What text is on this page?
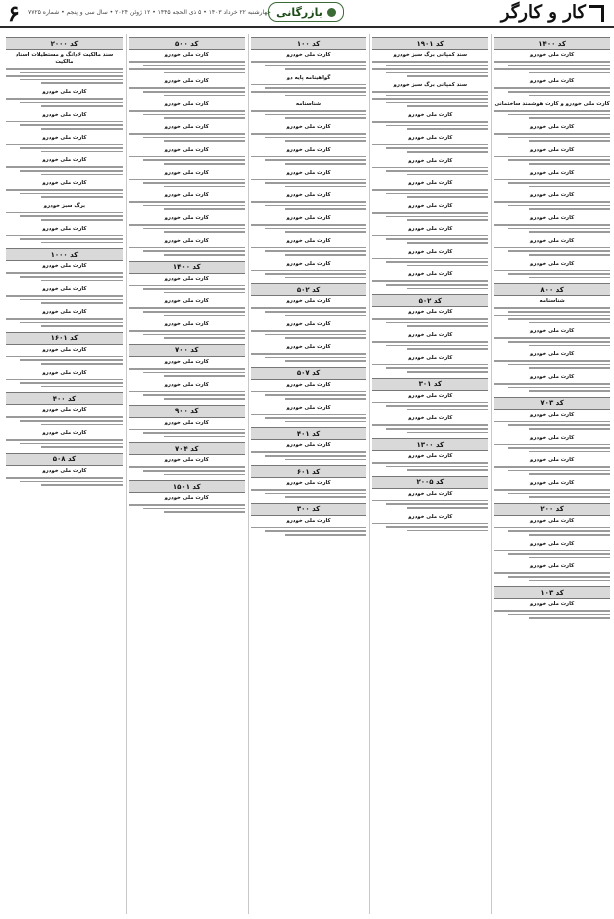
۶ چهارشنبه ۲۲ خرداد ۱۴۰۳ • ۵ ذی الحجه ۱۴۴۵ • ۱۲ ژوئن ۲۰۲۴ • سال سی و پنجم • شماره ۷۷۲۵ بازرگانی	کار و کارگر
کد ۱۴۰۰
کارت ملی خودرو
کارت ملی خودرو
کارت ملی خودرو و کارت هوشمند ساختمانی
کارت ملی خودرو
کارت ملی خودرو
کارت ملی خودرو
کارت ملی خودرو
کارت ملی خودرو
کارت ملی خودرو
کارت ملی خودرو
کد ۸۰۰
شناسنامه
کارت ملی خودرو
کارت ملی خودرو
کارت ملی خودرو
کد ۷۰۳
کارت ملی خودرو
کارت ملی خودرو
کارت ملی خودرو
کارت ملی خودرو
کد ۲۰۰
کارت ملی خودرو
کارت ملی خودرو
کارت ملی خودرو
کد ۱۰۳
کارت ملی خودرو
کد ۱۹۰۱
سند کمپانی برگ سبز خودرو
سند کمپانی برگ سبز خودرو
کارت ملی خودرو
کارت ملی خودرو
کارت ملی خودرو
کارت ملی خودرو
کارت ملی خودرو
کارت ملی خودرو
کارت ملی خودرو
کارت ملی خودرو
کد ۵۰۲
کارت ملی خودرو
کارت ملی خودرو
کارت ملی خودرو
کد ۳۰۱
کارت ملی خودرو
کارت ملی خودرو
کد ۱۳۰۰
کارت ملی خودرو
کد ۲۰۰۵
کارت ملی خودرو
کارت ملی خودرو
کد ۱۰۰
کارت ملی خودرو
گواهینامه پایه دو
شناسنامه
کارت ملی خودرو
کارت ملی خودرو
کارت ملی خودرو
کارت ملی خودرو
کارت ملی خودرو
کارت ملی خودرو
کارت ملی خودرو
کد ۵۰۲
کارت ملی خودرو
کارت ملی خودرو
کارت ملی خودرو
کد ۵۰۷
کارت ملی خودرو
کارت ملی خودرو
کد ۴۰۱
کارت ملی خودرو
کد ۶۰۱
کارت ملی خودرو
کد ۳۰۰
کارت ملی خودرو
کد ۵۰۰
کارت ملی خودرو
کارت ملی خودرو
کارت ملی خودرو
کارت ملی خودرو
کارت ملی خودرو
کارت ملی خودرو
کارت ملی خودرو
کارت ملی خودرو
کارت ملی خودرو
کد ۱۴۰۰
کارت ملی خودرو
کارت ملی خودرو
کارت ملی خودرو
کد ۷۰۰
کارت ملی خودرو
کارت ملی خودرو
کد ۹۰۰
کارت ملی خودرو
کد ۷۰۴
کارت ملی خودرو
کد ۱۵۰۱
کارت ملی خودرو
کد ۲۰۰۰
سند مالکیت ۶دانگ و مستطیلات اسناد مالکیت
کارت ملی خودرو
کارت ملی خودرو
کارت ملی خودرو
کارت ملی خودرو
کارت ملی خودرو
برگ سبز خودرو
کارت ملی خودرو
کد ۱۰۰۰
کارت ملی خودرو
کارت ملی خودرو
کارت ملی خودرو
کد ۱۶۰۱
کارت ملی خودرو
کارت ملی خودرو
کد ۴۰۰
کارت ملی خودرو
کارت ملی خودرو
کد ۵۰۸
کارت ملی خودرو
